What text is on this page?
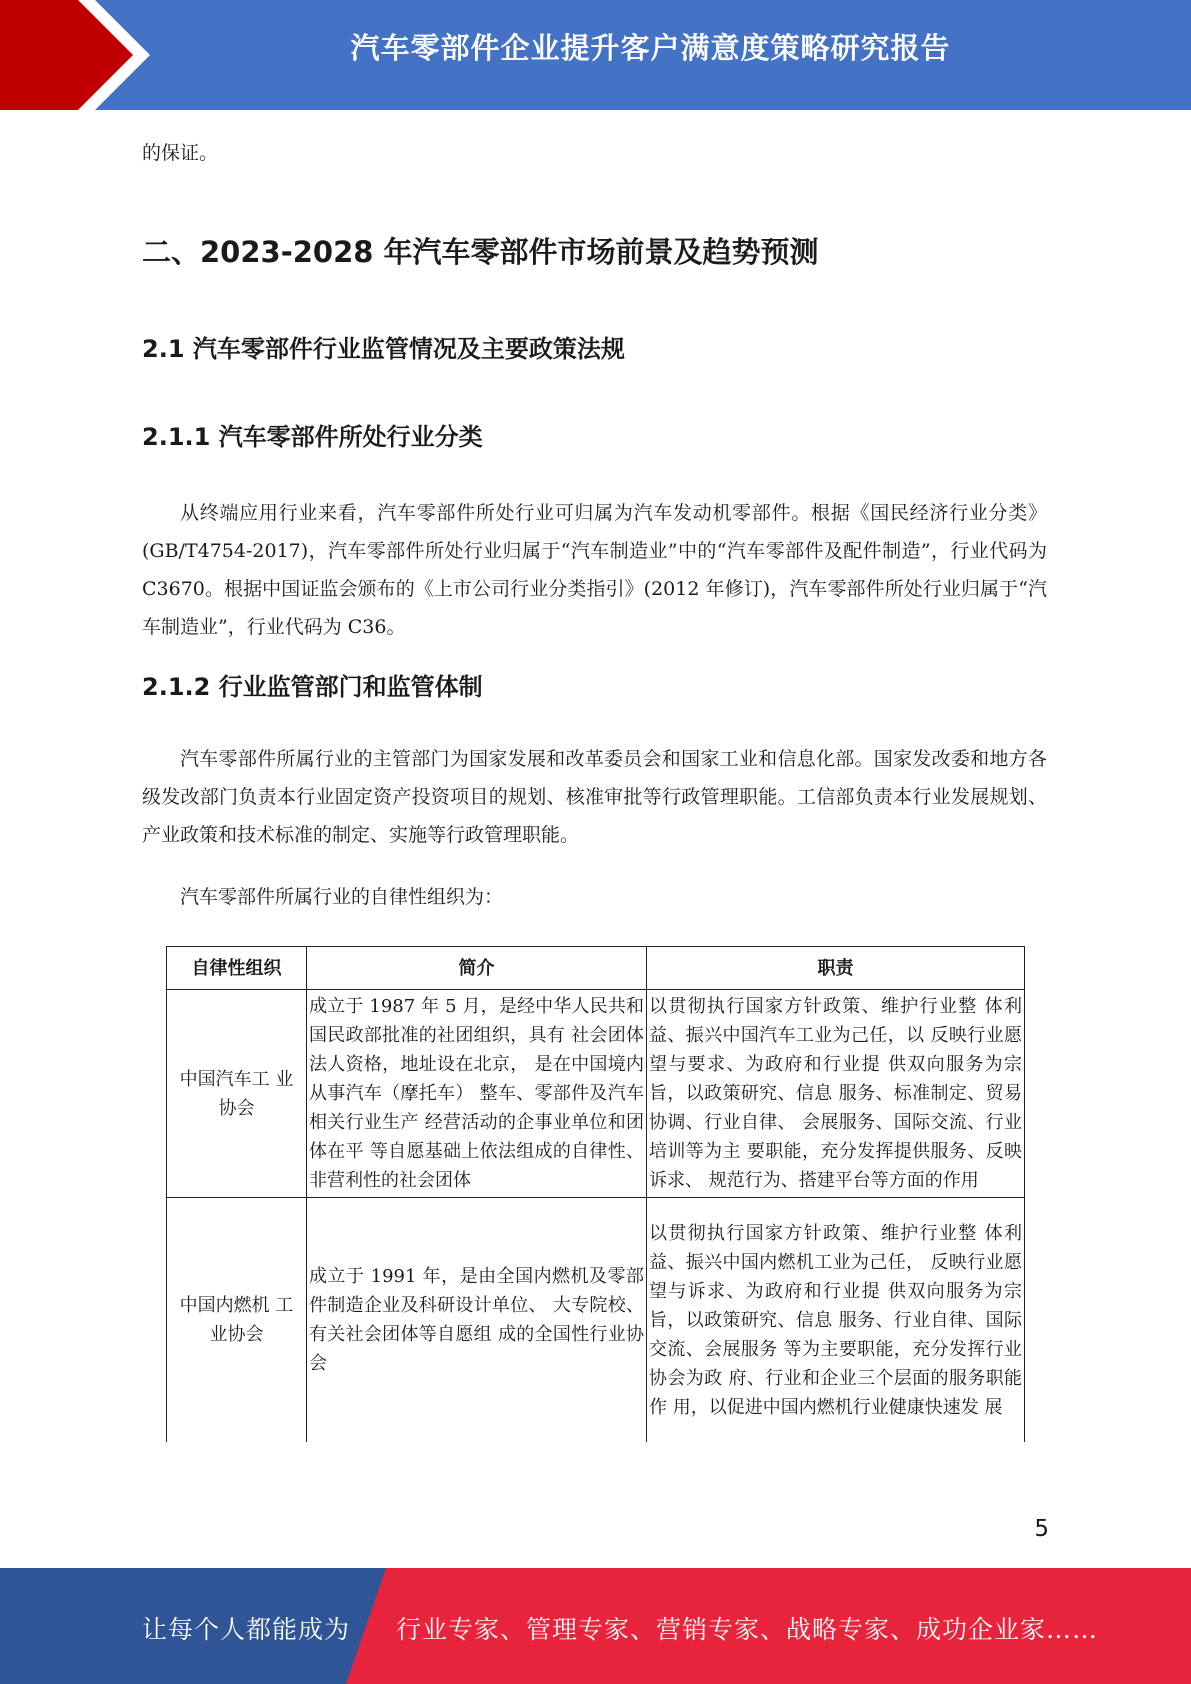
汽车零部件企业提升客户满意度策略研究报告

的保证。

二、2023-2028 年汽车零部件市场前景及趋势预测
2.1 汽车零部件行业监管情况及主要政策法规
2.1.1 汽车零部件所处行业分类

从终端应用行业来看，汽车零部件所处行业可归属为汽车发动机零部件。根据《国民经济行业分类》(GB/T4754-2017)，汽车零部件所处行业归属于“汽车制造业”中的“汽车零部件及配件制造”，行业代码为 C3670。根据中国证监会颁布的《上市公司行业分类指引》(2012 年修订)，汽车零部件所处行业归属于“汽车制造业”，行业代码为 C36。

2.1.2 行业监管部门和监管体制

汽车零部件所属行业的主管部门为国家发展和改革委员会和国家工业和信息化部。国家发改委和地方各级发改部门负责本行业固定资产投资项目的规划、核准审批等行政管理职能。工信部负责本行业发展规划、产业政策和技术标准的制定、实施等行政管理职能。

汽车零部件所属行业的自律性组织为：

自律性组织	简介	职责
中国汽车工 业协会	成立于 1987 年 5 月，是经中华人民共和国民政部批准的社团组织，具有 社会团体法人资格，地址设在北京， 是在中国境内从事汽车（摩托车） 整车、零部件及汽车相关行业生产 经营活动的企事业单位和团体在平 等自愿基础上依法组成的自律性、 非营利性的社会团体	以贯彻执行国家方针政策、维护行业整 体利益、振兴中国汽车工业为己任，以 反映行业愿望与要求、为政府和行业提 供双向服务为宗旨，以政策研究、信息 服务、标准制定、贸易协调、行业自律、 会展服务、国际交流、行业培训等为主 要职能，充分发挥提供服务、反映诉求、 规范行为、搭建平台等方面的作用
中国内燃机 工业协会	成立于 1991 年，是由全国内燃机及零部件制造企业及科研设计单位、 大专院校、有关社会团体等自愿组 成的全国性行业协会	以贯彻执行国家方针政策、维护行业整 体利益、振兴中国内燃机工业为己任， 反映行业愿望与诉求、为政府和行业提 供双向服务为宗旨，以政策研究、信息 服务、行业自律、国际交流、会展服务 等为主要职能，充分发挥行业协会为政 府、行业和企业三个层面的服务职能作 用，以促进中国内燃机行业健康快速发 展
5
让每个人都能成为 行业专家、管理专家、营销专家、战略专家、成功企业家……
